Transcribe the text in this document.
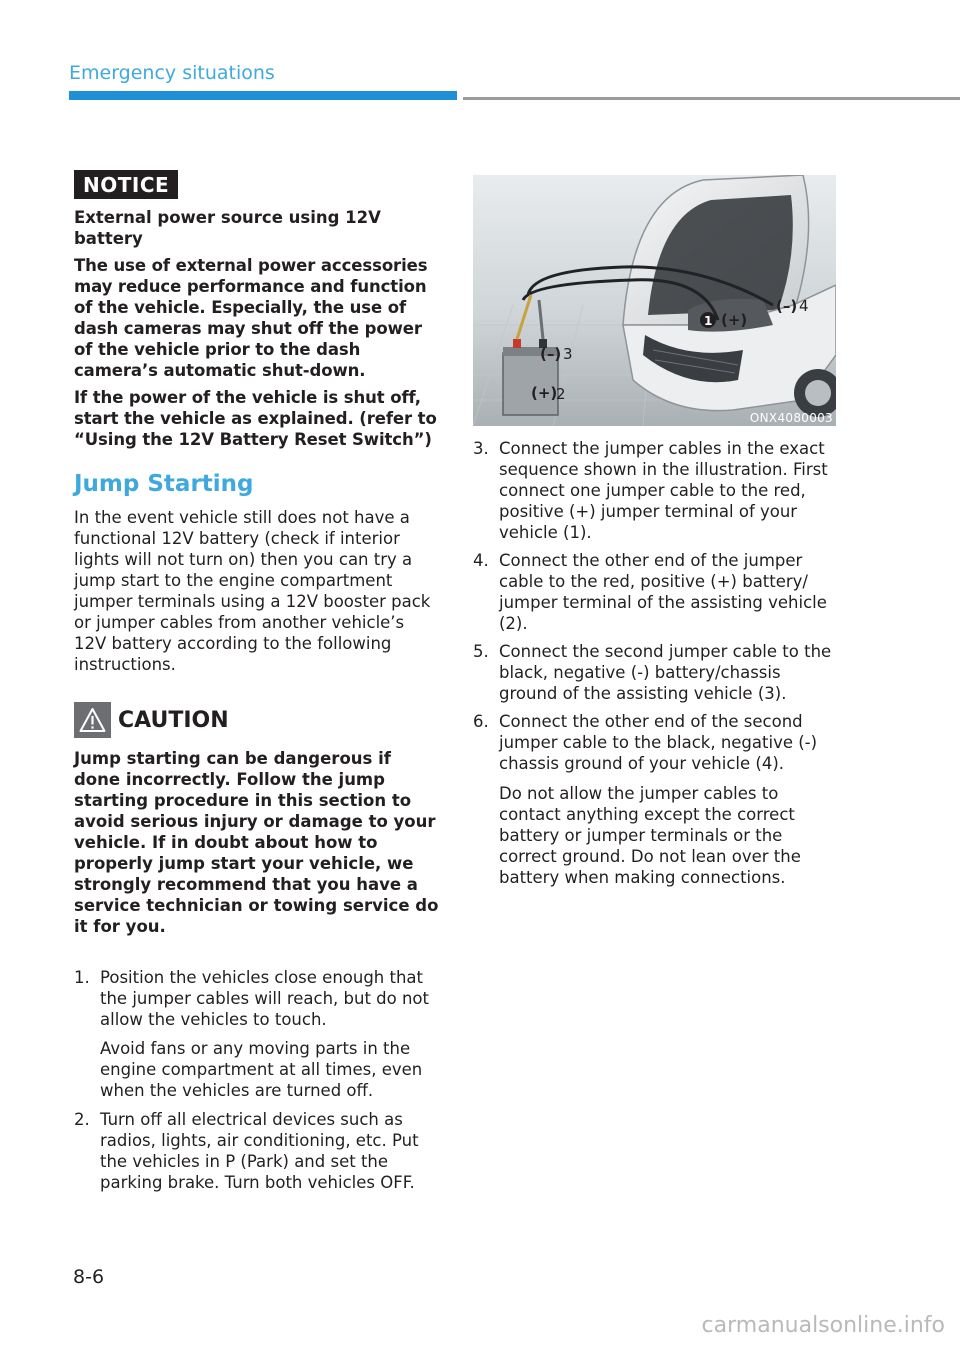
Emergency situations
NOTICE
External power source using 12V battery

The use of external power accessories may reduce performance and function of the vehicle. Especially, the use of dash cameras may shut off the power of the vehicle prior to the dash camera’s automatic shut-down.

If the power of the vehicle is shut off, start the vehicle as explained. (refer to “Using the 12V Battery Reset Switch”)

Jump Starting

In the event vehicle still does not have a functional 12V battery (check if interior lights will not turn on) then you can try a jump start to the engine compartment jumper terminals using a 12V booster pack or jumper cables from another vehicle’s 12V battery according to the following instructions.

CAUTION

Jump starting can be dangerous if done incorrectly. Follow the jump starting procedure in this section to avoid serious injury or damage to your vehicle. If in doubt about how to properly jump start your vehicle, we strongly recommend that you have a service technician or towing service do it for you.

1. Position the vehicles close enough that the jumper cables will reach, but do not allow the vehicles to touch.
Avoid fans or any moving parts in the engine compartment at all times, even when the vehicles are turned off.
2. Turn off all electrical devices such as radios, lights, air conditioning, etc. Put the vehicles in P (Park) and set the parking brake. Turn both vehicles OFF.
1 (+)
(–) 4
(–) 3
(+)
2
ONX4080003
3. Connect the jumper cables in the exact sequence shown in the illustration. First connect one jumper cable to the red, positive (+) jumper terminal of your vehicle (1).
4. Connect the other end of the jumper cable to the red, positive (+) battery/ jumper terminal of the assisting vehicle (2).
5. Connect the second jumper cable to the black, negative (-) battery/chassis ground of the assisting vehicle (3).
6. Connect the other end of the second jumper cable to the black, negative (-) chassis ground of your vehicle (4).
Do not allow the jumper cables to contact anything except the correct battery or jumper terminals or the correct ground. Do not lean over the battery when making connections.
8-6
carmanualsonline.info
